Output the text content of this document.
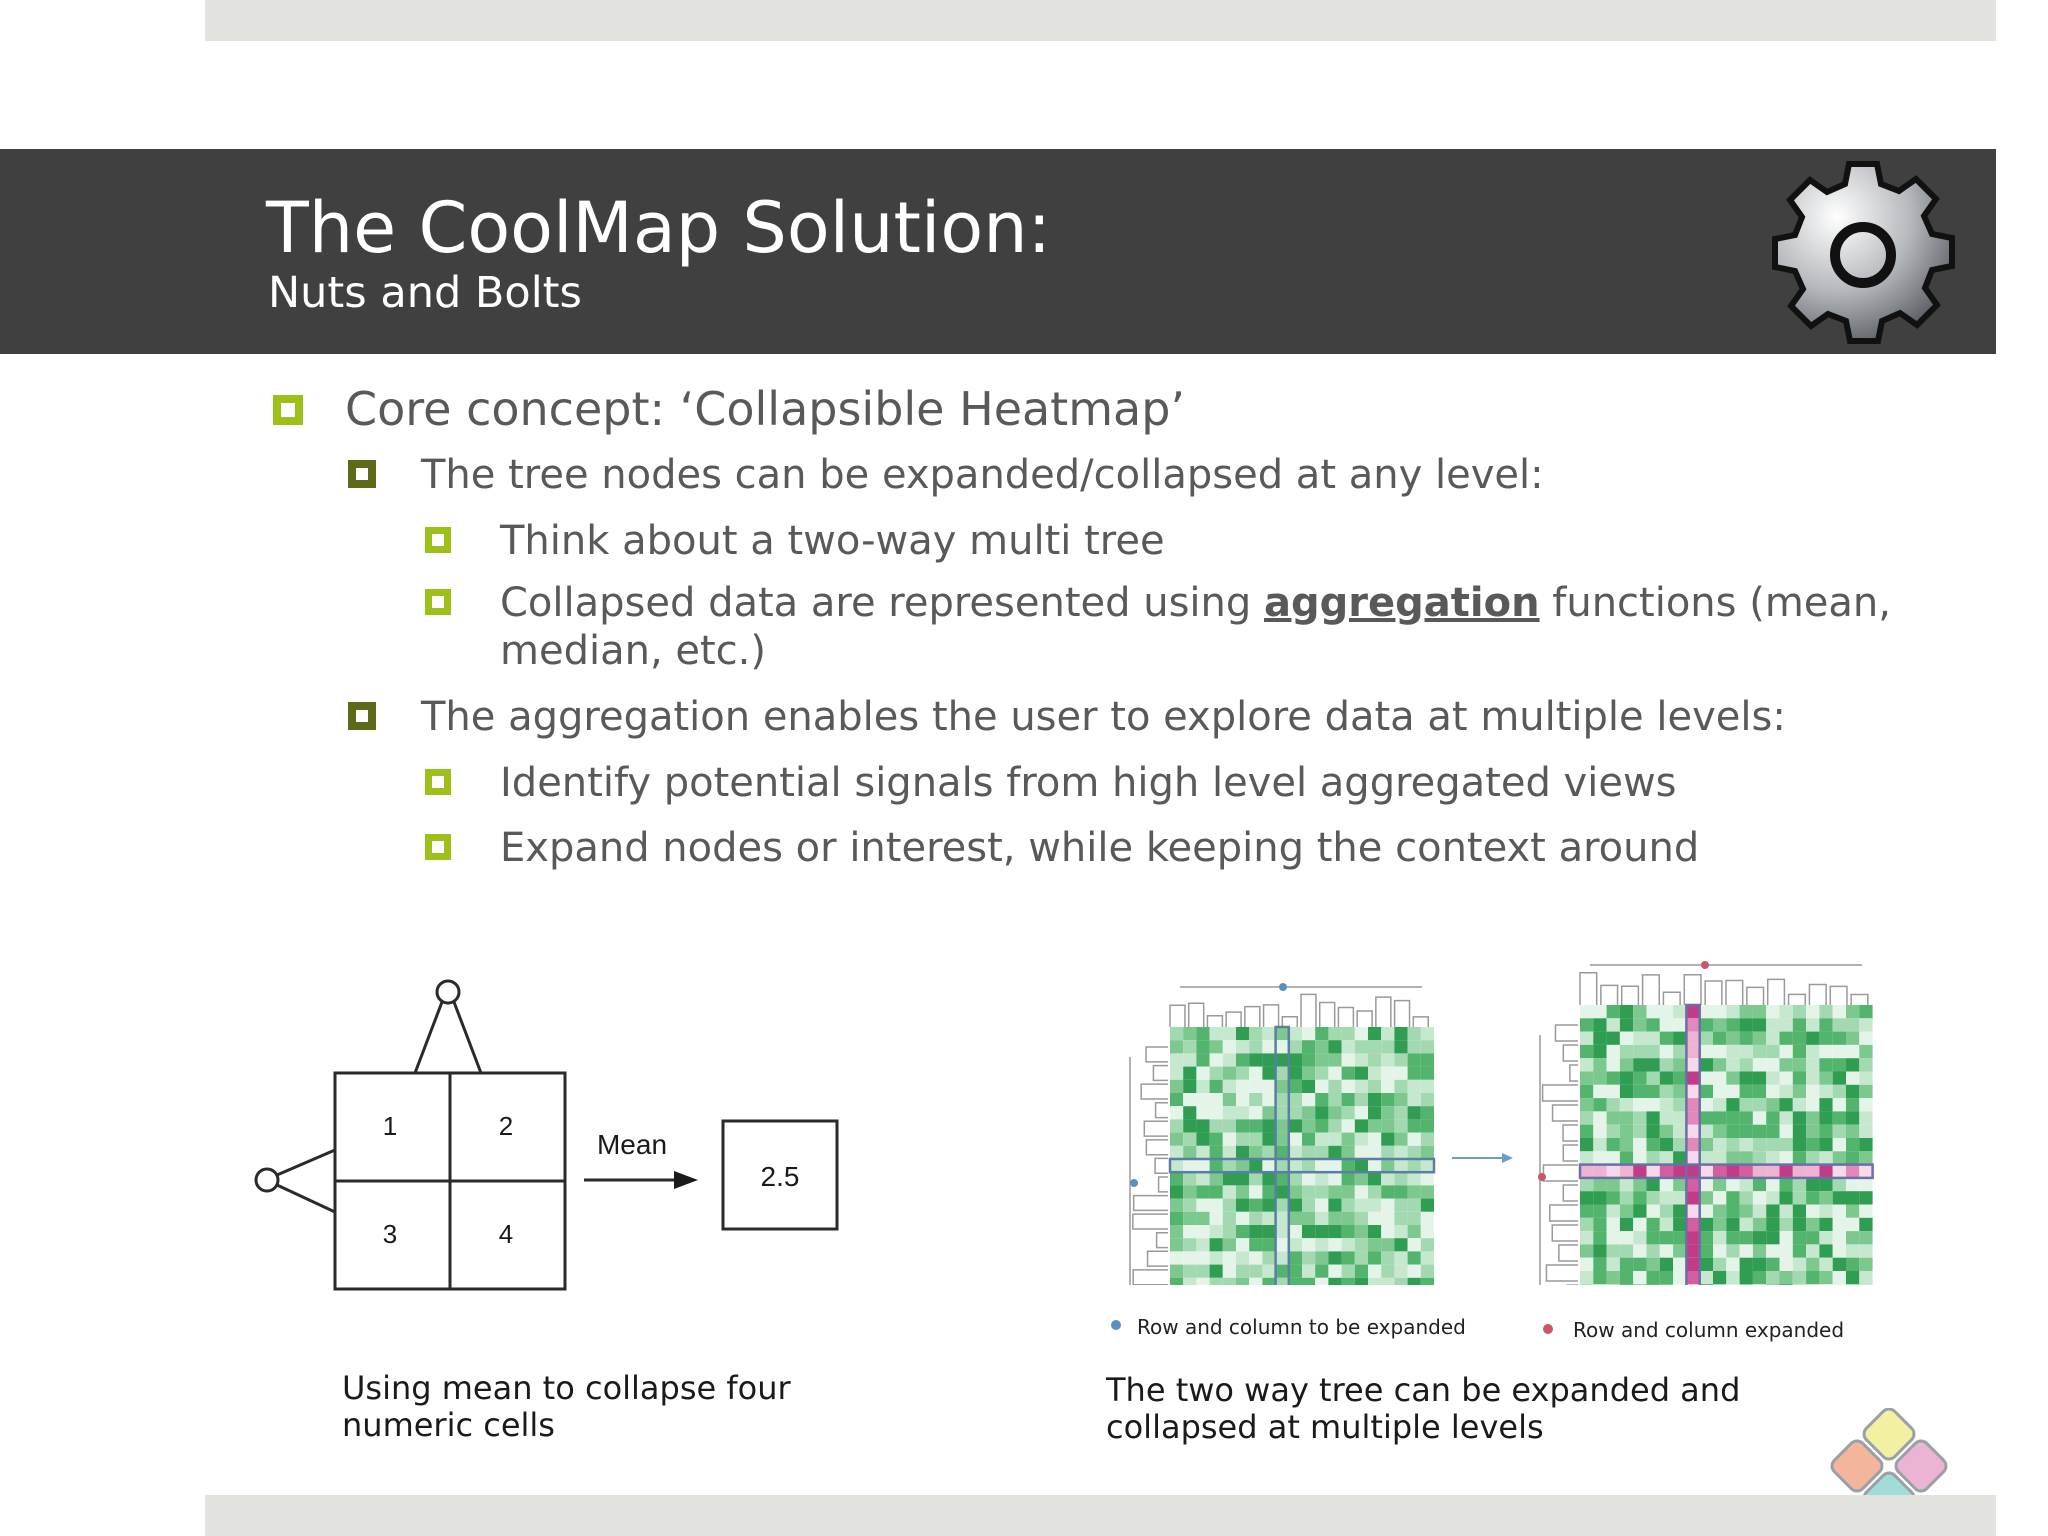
The CoolMap Solution:
Nuts and Bolts
Core concept: ‘Collapsible Heatmap’
The tree nodes can be expanded/collapsed at any level:
Think about a two-way multi tree
Collapsed data are represented using aggregation functions (mean, median, etc.)
The aggregation enables the user to explore data at multiple levels:
Identify potential signals from high level aggregated views
Expand nodes or interest, while keeping the context around
1	2
3	4
Mean
2.5
Using mean to collapse four numeric cells
Row and column to be expanded	Row and column expanded
The two way tree can be expanded and collapsed at multiple levels
